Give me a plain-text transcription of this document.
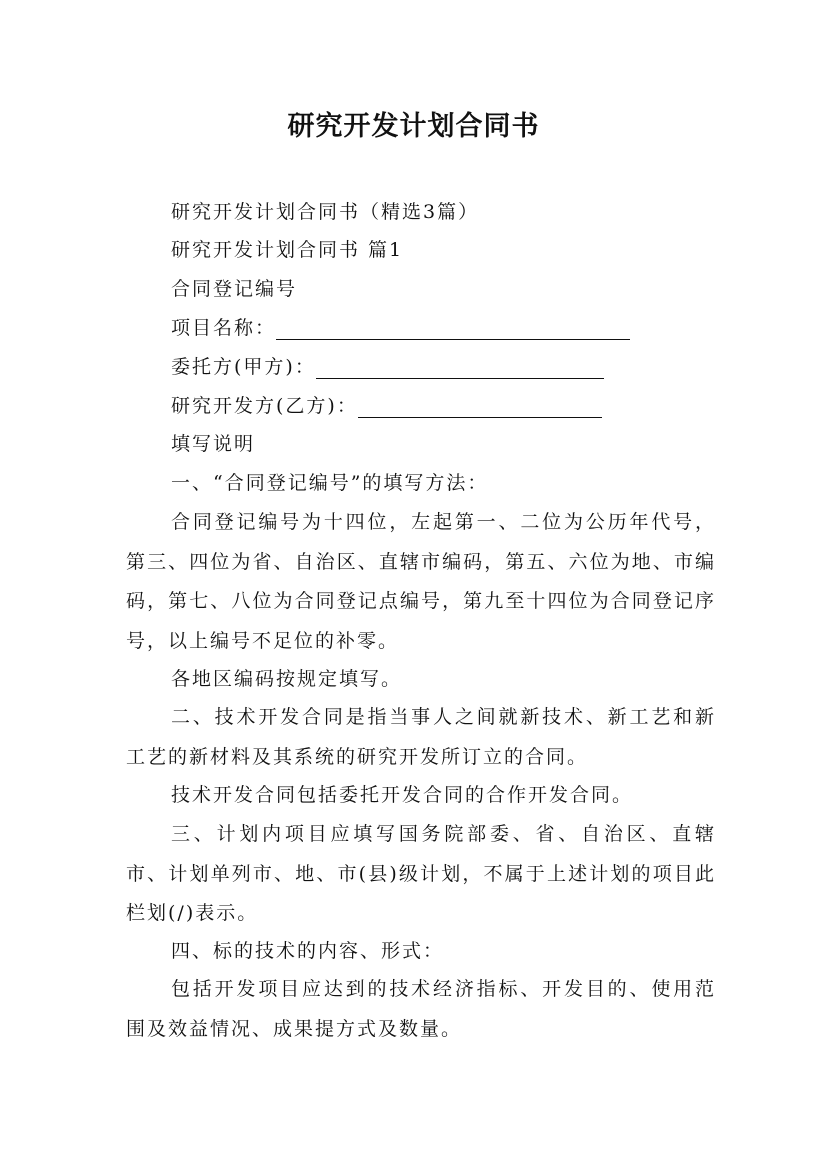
研究开发计划合同书
研究开发计划合同书（精选3篇）
研究开发计划合同书 篇1
合同登记编号
项目名称：
委托方(甲方)：
研究开发方(乙方)：
填写说明
一、“合同登记编号”的填写方法：
合同登记编号为十四位，左起第一、二位为公历年代号，第三、四位为省、自治区、直辖市编码，第五、六位为地、市编码，第七、八位为合同登记点编号，第九至十四位为合同登记序号，以上编号不足位的补零。
各地区编码按规定填写。
二、技术开发合同是指当事人之间就新技术、新工艺和新工艺的新材料及其系统的研究开发所订立的合同。
技术开发合同包括委托开发合同的合作开发合同。
三、计划内项目应填写国务院部委、省、自治区、直辖市、计划单列市、地、市(县)级计划，不属于上述计划的项目此栏划(/)表示。
四、标的技术的内容、形式：
包括开发项目应达到的技术经济指标、开发目的、使用范围及效益情况、成果提方式及数量。
